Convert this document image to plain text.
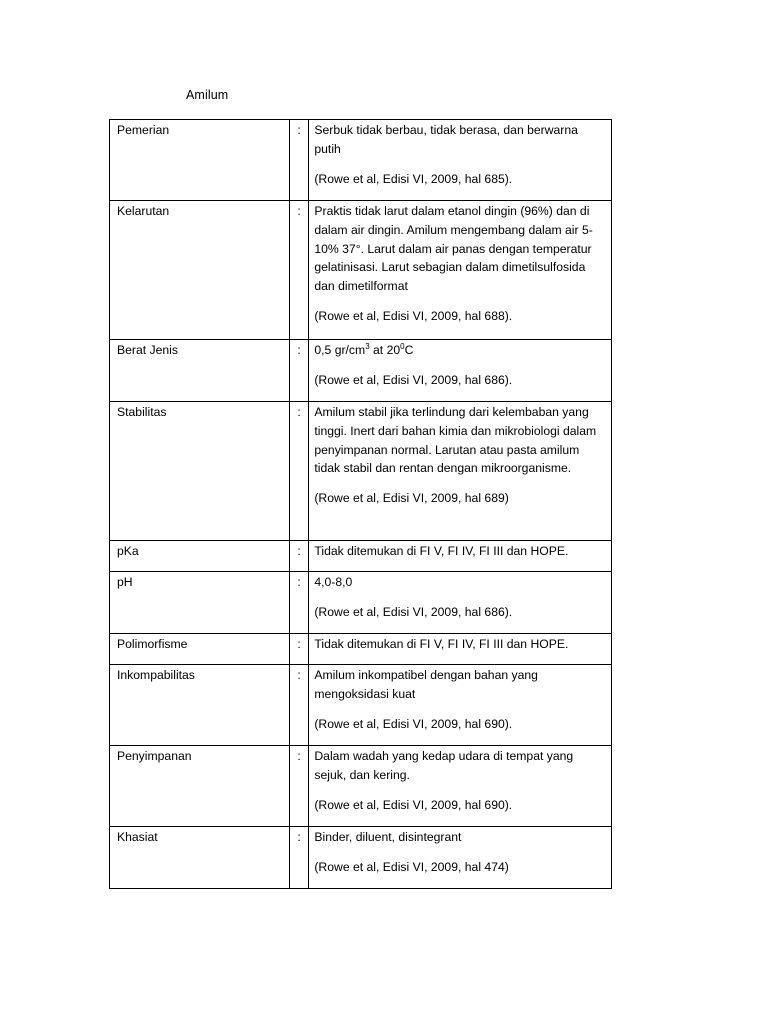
Amilum
Pemerian	:	Serbuk tidak berbau, tidak berasa, dan berwarna putih
(Rowe et al, Edisi VI, 2009, hal 685).

Kelarutan	:	Praktis tidak larut dalam etanol dingin (96%) dan di dalam air dingin. Amilum mengembang dalam air 5-10% 37°. Larut dalam air panas dengan temperatur gelatinisasi. Larut sebagian dalam dimetilsulfosida dan dimetilformat
(Rowe et al, Edisi VI, 2009, hal 688).

Berat Jenis	:	0,5 $gr/cm^3$ at $20^0C$
(Rowe et al, Edisi VI, 2009, hal 686).

Stabilitas	:	Amilum stabil jika terlindung dari kelembaban yang tinggi. Inert dari bahan kimia dan mikrobiologi dalam penyimpanan normal. Larutan atau pasta amilum tidak stabil dan rentan dengan mikroorganisme.
(Rowe et al, Edisi VI, 2009, hal 689)

pKa	:	Tidak ditemukan di FI V, FI IV, FI III dan HOPE.

pH	:	4,0-8,0
(Rowe et al, Edisi VI, 2009, hal 686).

Polimorfisme	:	Tidak ditemukan di FI V, FI IV, FI III dan HOPE.

Inkompabilitas	:	Amilum inkompatibel dengan bahan yang mengoksidasi kuat
(Rowe et al, Edisi VI, 2009, hal 690).

Penyimpanan	:	Dalam wadah yang kedap udara di tempat yang sejuk, dan kering.
(Rowe et al, Edisi VI, 2009, hal 690).

Khasiat	:	Binder, diluent, disintegrant
(Rowe et al, Edisi VI, 2009, hal 474)
